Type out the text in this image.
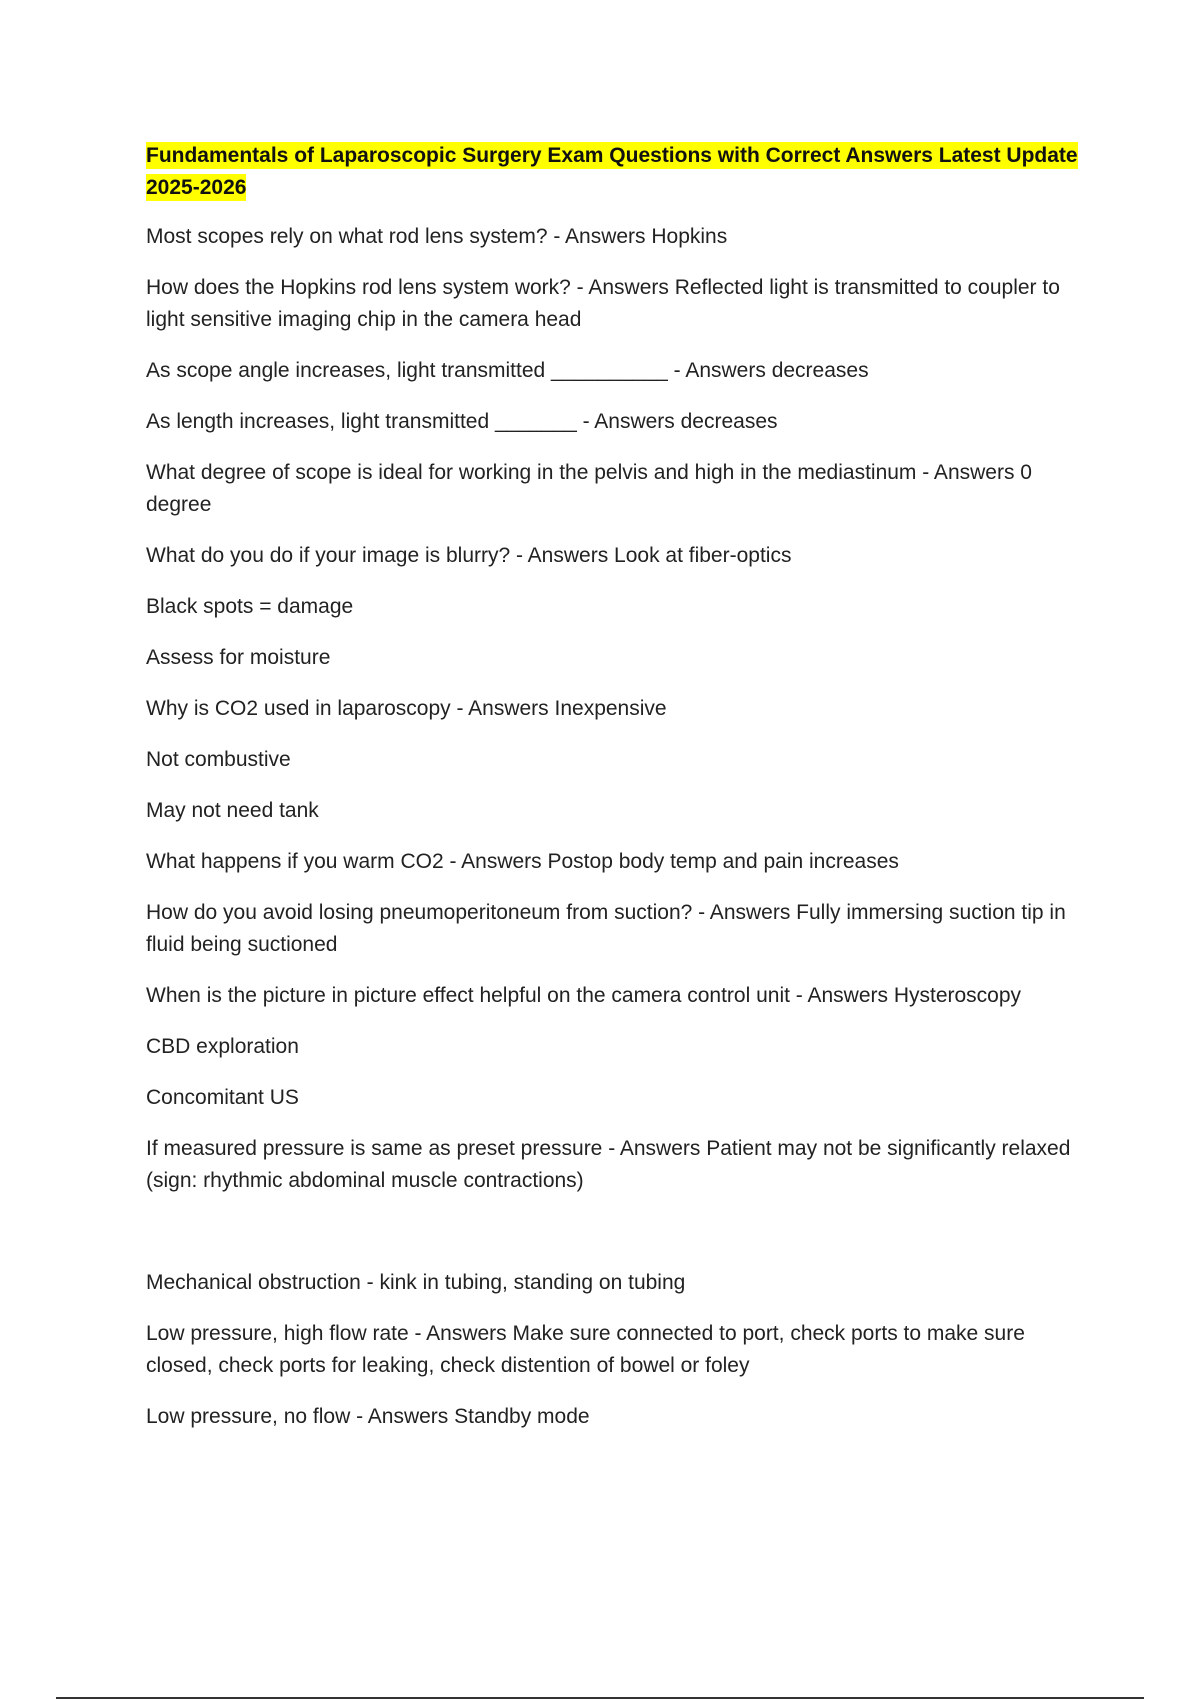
Fundamentals of Laparoscopic Surgery Exam Questions with Correct Answers Latest Update 2025-2026

Most scopes rely on what rod lens system? - Answers Hopkins

How does the Hopkins rod lens system work? - Answers Reflected light is transmitted to coupler to light sensitive imaging chip in the camera head

As scope angle increases, light transmitted __________ - Answers decreases

As length increases, light transmitted _______ - Answers decreases

What degree of scope is ideal for working in the pelvis and high in the mediastinum - Answers 0 degree

What do you do if your image is blurry? - Answers Look at fiber-optics

Black spots = damage

Assess for moisture

Why is CO2 used in laparoscopy - Answers Inexpensive

Not combustive

May not need tank

What happens if you warm CO2 - Answers Postop body temp and pain increases

How do you avoid losing pneumoperitoneum from suction? - Answers Fully immersing suction tip in fluid being suctioned

When is the picture in picture effect helpful on the camera control unit - Answers Hysteroscopy

CBD exploration

Concomitant US

If measured pressure is same as preset pressure - Answers Patient may not be significantly relaxed (sign: rhythmic abdominal muscle contractions)

Mechanical obstruction - kink in tubing, standing on tubing

Low pressure, high flow rate - Answers Make sure connected to port, check ports to make sure closed, check ports for leaking, check distention of bowel or foley

Low pressure, no flow - Answers Standby mode
